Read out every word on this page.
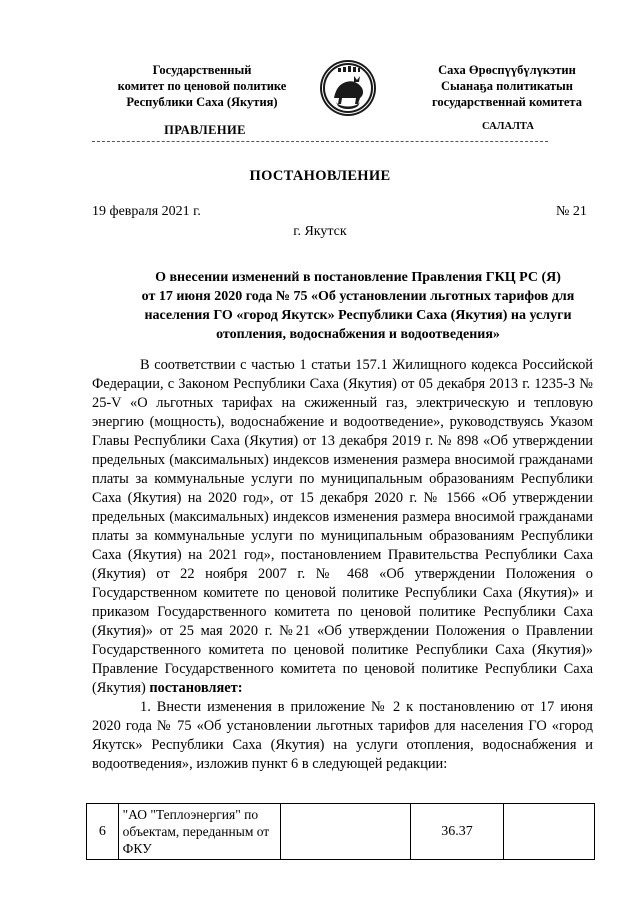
Государственный
комитет по ценовой политике
Республики Саха (Якутия)
Саха Өрөспүүбүлүкэтин
Сыанаҕа политикатын
государственнай комитета
ПРАВЛЕНИЕ	САЛАЛТА
ПОСТАНОВЛЕНИЕ
19 февраля 2021 г.	№ 21
г. Якутск
О внесении изменений в постановление Правления ГКЦ РС (Я)
от 17 июня 2020 года № 75 «Об установлении льготных тарифов для
населения ГО «город Якутск» Республики Саха (Якутия) на услуги
отопления, водоснабжения и водоотведения»

В соответствии с частью 1 статьи 157.1 Жилищного кодекса Российской Федерации, с Законом Республики Саха (Якутия) от 05 декабря 2013 г. 1235-З № 25-V «О льготных тарифах на сжиженный газ, электрическую и тепловую энергию (мощность), водоснабжение и водоотведение», руководствуясь Указом Главы Республики Саха (Якутия) от 13 декабря 2019 г. № 898 «Об утверждении предельных (максимальных) индексов изменения размера вносимой гражданами платы за коммунальные услуги по муниципальным образованиям Республики Саха (Якутия) на 2020 год», от 15 декабря 2020 г. № 1566 «Об утверждении предельных (максимальных) индексов изменения размера вносимой гражданами платы за коммунальные услуги по муниципальным образованиям Республики Саха (Якутия) на 2021 год», постановлением Правительства Республики Саха (Якутия) от 22 ноября 2007 г. № 468 «Об утверждении Положения о Государственном комитете по ценовой политике Республики Саха (Якутия)» и приказом Государственного комитета по ценовой политике Республики Саха (Якутия)» от 25 мая 2020 г. №21 «Об утверждении Положения о Правлении Государственного комитета по ценовой политике Республики Саха (Якутия)» Правление Государственного комитета по ценовой политике Республики Саха (Якутия) постановляет:

1. Внести изменения в приложение № 2 к постановлению от 17 июня 2020 года № 75 «Об установлении льготных тарифов для населения ГО «город Якутск» Республики Саха (Якутия) на услуги отопления, водоснабжения и водоотведения», изложив пункт 6 в следующей редакции:

6	"АО "Теплоэнергия" по объектам, переданным от ФКУ		36.37	
